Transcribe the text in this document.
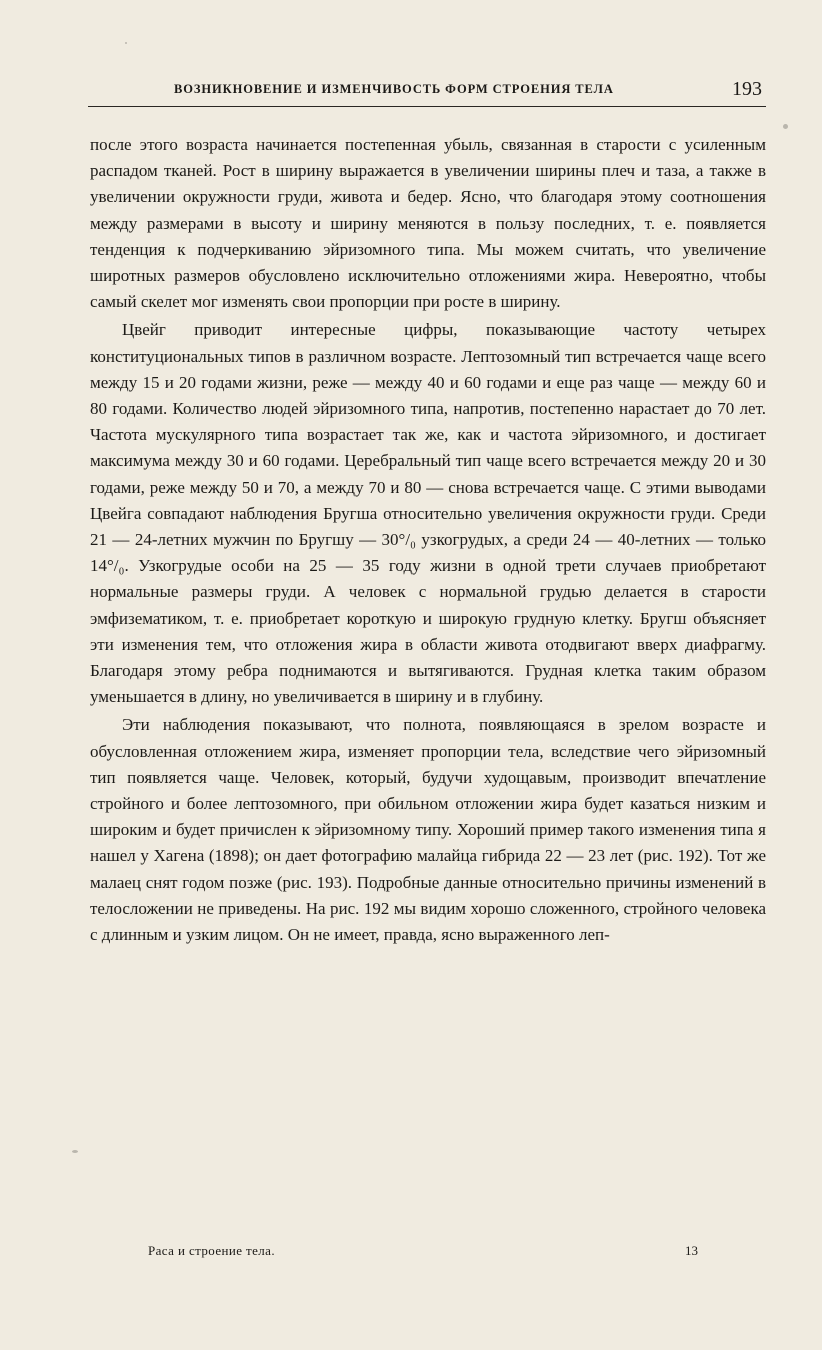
ВОЗНИКНОВЕНИЕ И ИЗМЕНЧИВОСТЬ ФОРМ СТРОЕНИЯ ТЕЛА	193

после этого возраста начинается постепенная убыль, связанная в старости с усиленным распадом тканей. Рост в ширину выражается в увеличении ширины плеч и таза, а также в увеличении окружности груди, живота и бедер. Ясно, что благодаря этому соотношения между размерами в высоту и ширину меняются в пользу последних, т. е. появляется тенденция к подчеркиванию эйризомного типа. Мы можем считать, что увеличение широтных размеров обусловлено исключительно отложениями жира. Невероятно, чтобы самый скелет мог изменять свои пропорции при росте в ширину.

Цвейг приводит интересные цифры, показывающие частоту четырех конституциональных типов в различном возрасте. Лептозомный тип встречается чаще всего между 15 и 20 годами жизни, реже — между 40 и 60 годами и еще раз чаще — между 60 и 80 годами. Количество людей эйризомного типа, напротив, постепенно нарастает до 70 лет. Частота мускулярного типа возрастает так же, как и частота эйризомного, и достигает максимума между 30 и 60 годами. Церебральный тип чаще всего встречается между 20 и 30 годами, реже между 50 и 70, а между 70 и 80 — снова встречается чаще. С этими выводами Цвейга совпадают наблюдения Бругша относительно увеличения окружности груди. Среди 21 — 24-летних мужчин по Бругшу — 30°/₀ узкогрудых, а среди 24 — 40-летних — только 14°/₀. Узкогрудые особи на 25 — 35 году жизни в одной трети случаев приобретают нормальные размеры груди. А человек с нормальной грудью делается в старости эмфизематиком, т. е. приобретает короткую и широкую грудную клетку. Бругш объясняет эти изменения тем, что отложения жира в области живота отодвигают вверх диафрагму. Благодаря этому ребра поднимаются и вытягиваются. Грудная клетка таким образом уменьшается в длину, но увеличивается в ширину и в глубину.

Эти наблюдения показывают, что полнота, появляющаяся в зрелом возрасте и обусловленная отложением жира, изменяет пропорции тела, вследствие чего эйризомный тип появляется чаще. Человек, который, будучи худощавым, производит впечатление стройного и более лептозомного, при обильном отложении жира будет казаться низким и широким и будет причислен к эйризомному типу. Хороший пример такого изменения типа я нашел у Хагена (1898); он дает фотографию малайца гибрида 22 — 23 лет (рис. 192). Тот же малаец снят годом позже (рис. 193). Подробные данные относительно причины изменений в телосложении не приведены. На рис. 192 мы видим хорошо сложенного, стройного человека с длинным и узким лицом. Он не имеет, правда, ясно выраженного леп-

Раса и строение тела.	13
